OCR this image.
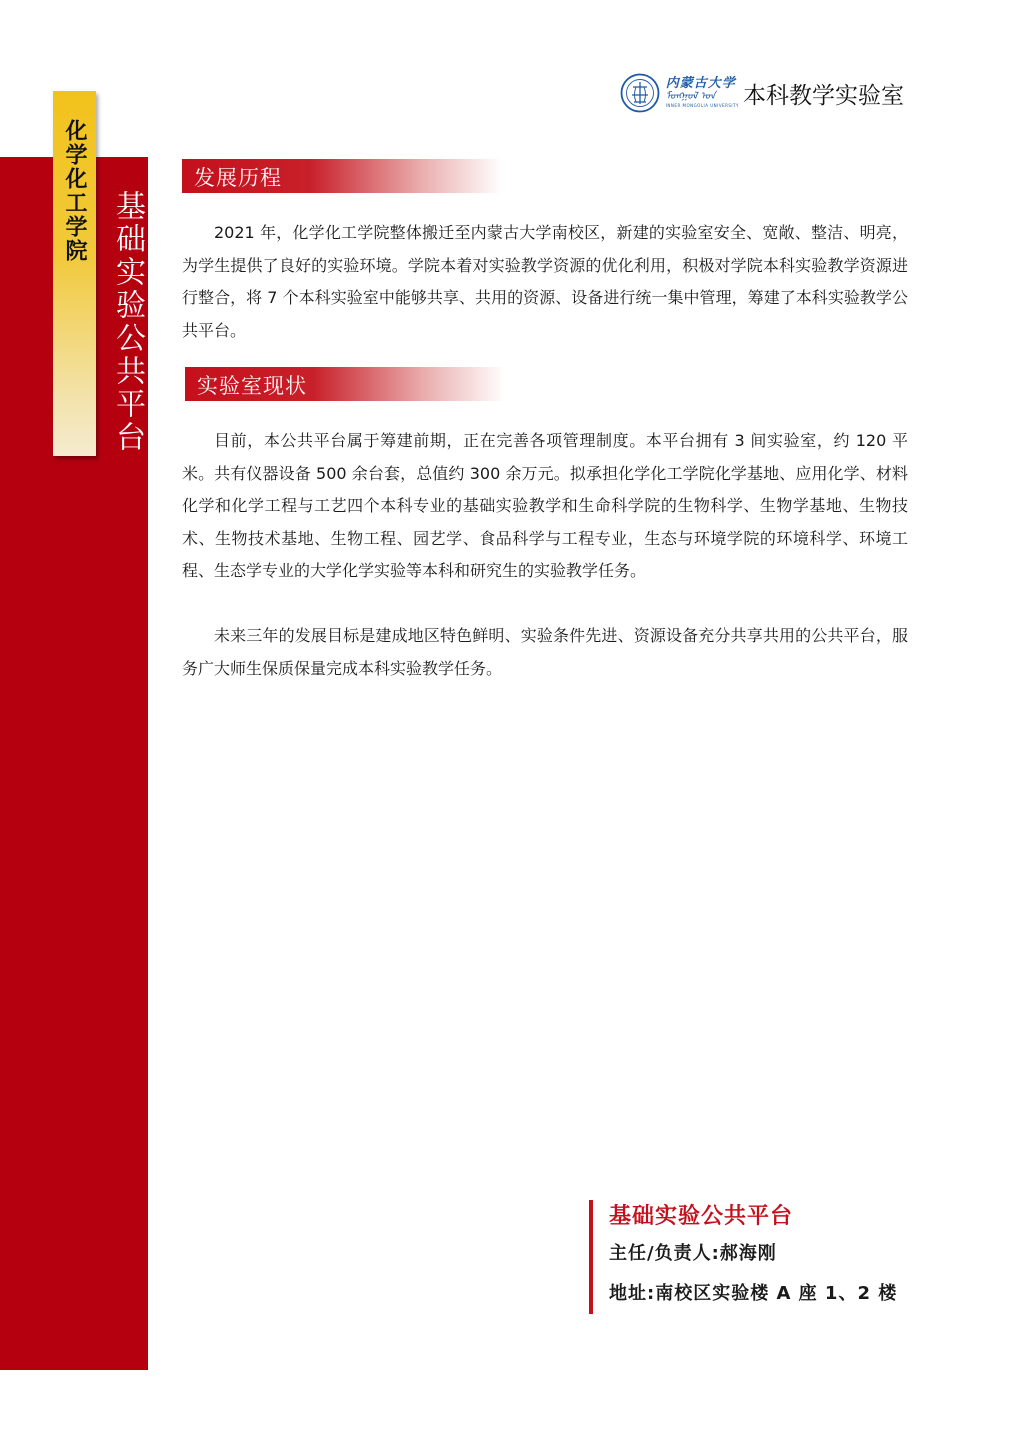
化学化工学院 基础实验公共平台
内蒙古大学
ᠮᠣᠩᠭᠣᠯ ᠤᠨ
INNER MONGOLIA UNIVERSITY 本科教学实验室
发展历程

2021 年，化学化工学院整体搬迁至内蒙古大学南校区，新建的实验室安全、宽敞、整洁、明亮，为学生提供了良好的实验环境。学院本着对实验教学资源的优化利用，积极对学院本科实验教学资源进行整合，将 7 个本科实验室中能够共享、共用的资源、设备进行统一集中管理，筹建了本科实验教学公共平台。

实验室现状

目前，本公共平台属于筹建前期，正在完善各项管理制度。本平台拥有 3 间实验室，约 120 平米。共有仪器设备 500 余台套，总值约 300 余万元。拟承担化学化工学院化学基地、应用化学、材料化学和化学工程与工艺四个本科专业的基础实验教学和生命科学院的生物科学、生物学基地、生物技术、生物技术基地、生物工程、园艺学、食品科学与工程专业，生态与环境学院的环境科学、环境工程、生态学专业的大学化学实验等本科和研究生的实验教学任务。

未来三年的发展目标是建成地区特色鲜明、实验条件先进、资源设备充分共享共用的公共平台，服务广大师生保质保量完成本科实验教学任务。

基础实验公共平台
主任/负责人:郝海刚
地址:南校区实验楼 A 座 1、2 楼
